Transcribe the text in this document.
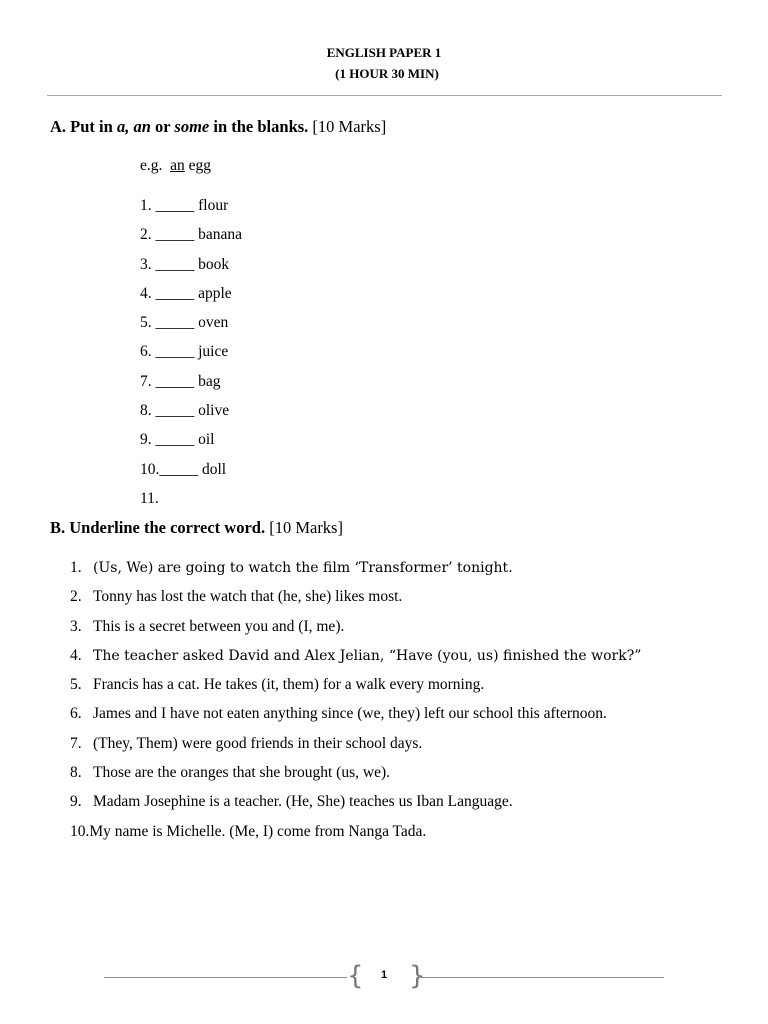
ENGLISH PAPER 1
(1 HOUR 30 MIN)
A. Put in a, an or some in the blanks. [10 Marks]
e.g.  an egg
1. _____ flour
2. _____ banana
3. _____ book
4. _____ apple
5. _____ oven
6. _____ juice
7. _____ bag
8. _____ olive
9. _____ oil
10._____ doll
11.
B. Underline the correct word. [10 Marks]
1. (Us, We) are going to watch the film ‘Transformer’ tonight.
2. Tonny has lost the watch that (he, she) likes most.
3. This is a secret between you and (I, me).
4. The teacher asked David and Alex Jelian, “Have (you, us) finished the work?”
5. Francis has a cat. He takes (it, them) for a walk every morning.
6. James and I have not eaten anything since (we, they) left our school this afternoon.
7. (They, Them) were good friends in their school days.
8. Those are the oranges that she brought (us, we).
9. Madam Josephine is a teacher. (He, She) teaches us Iban Language.
10.My name is Michelle. (Me, I) come from Nanga Tada.
{ }
1
